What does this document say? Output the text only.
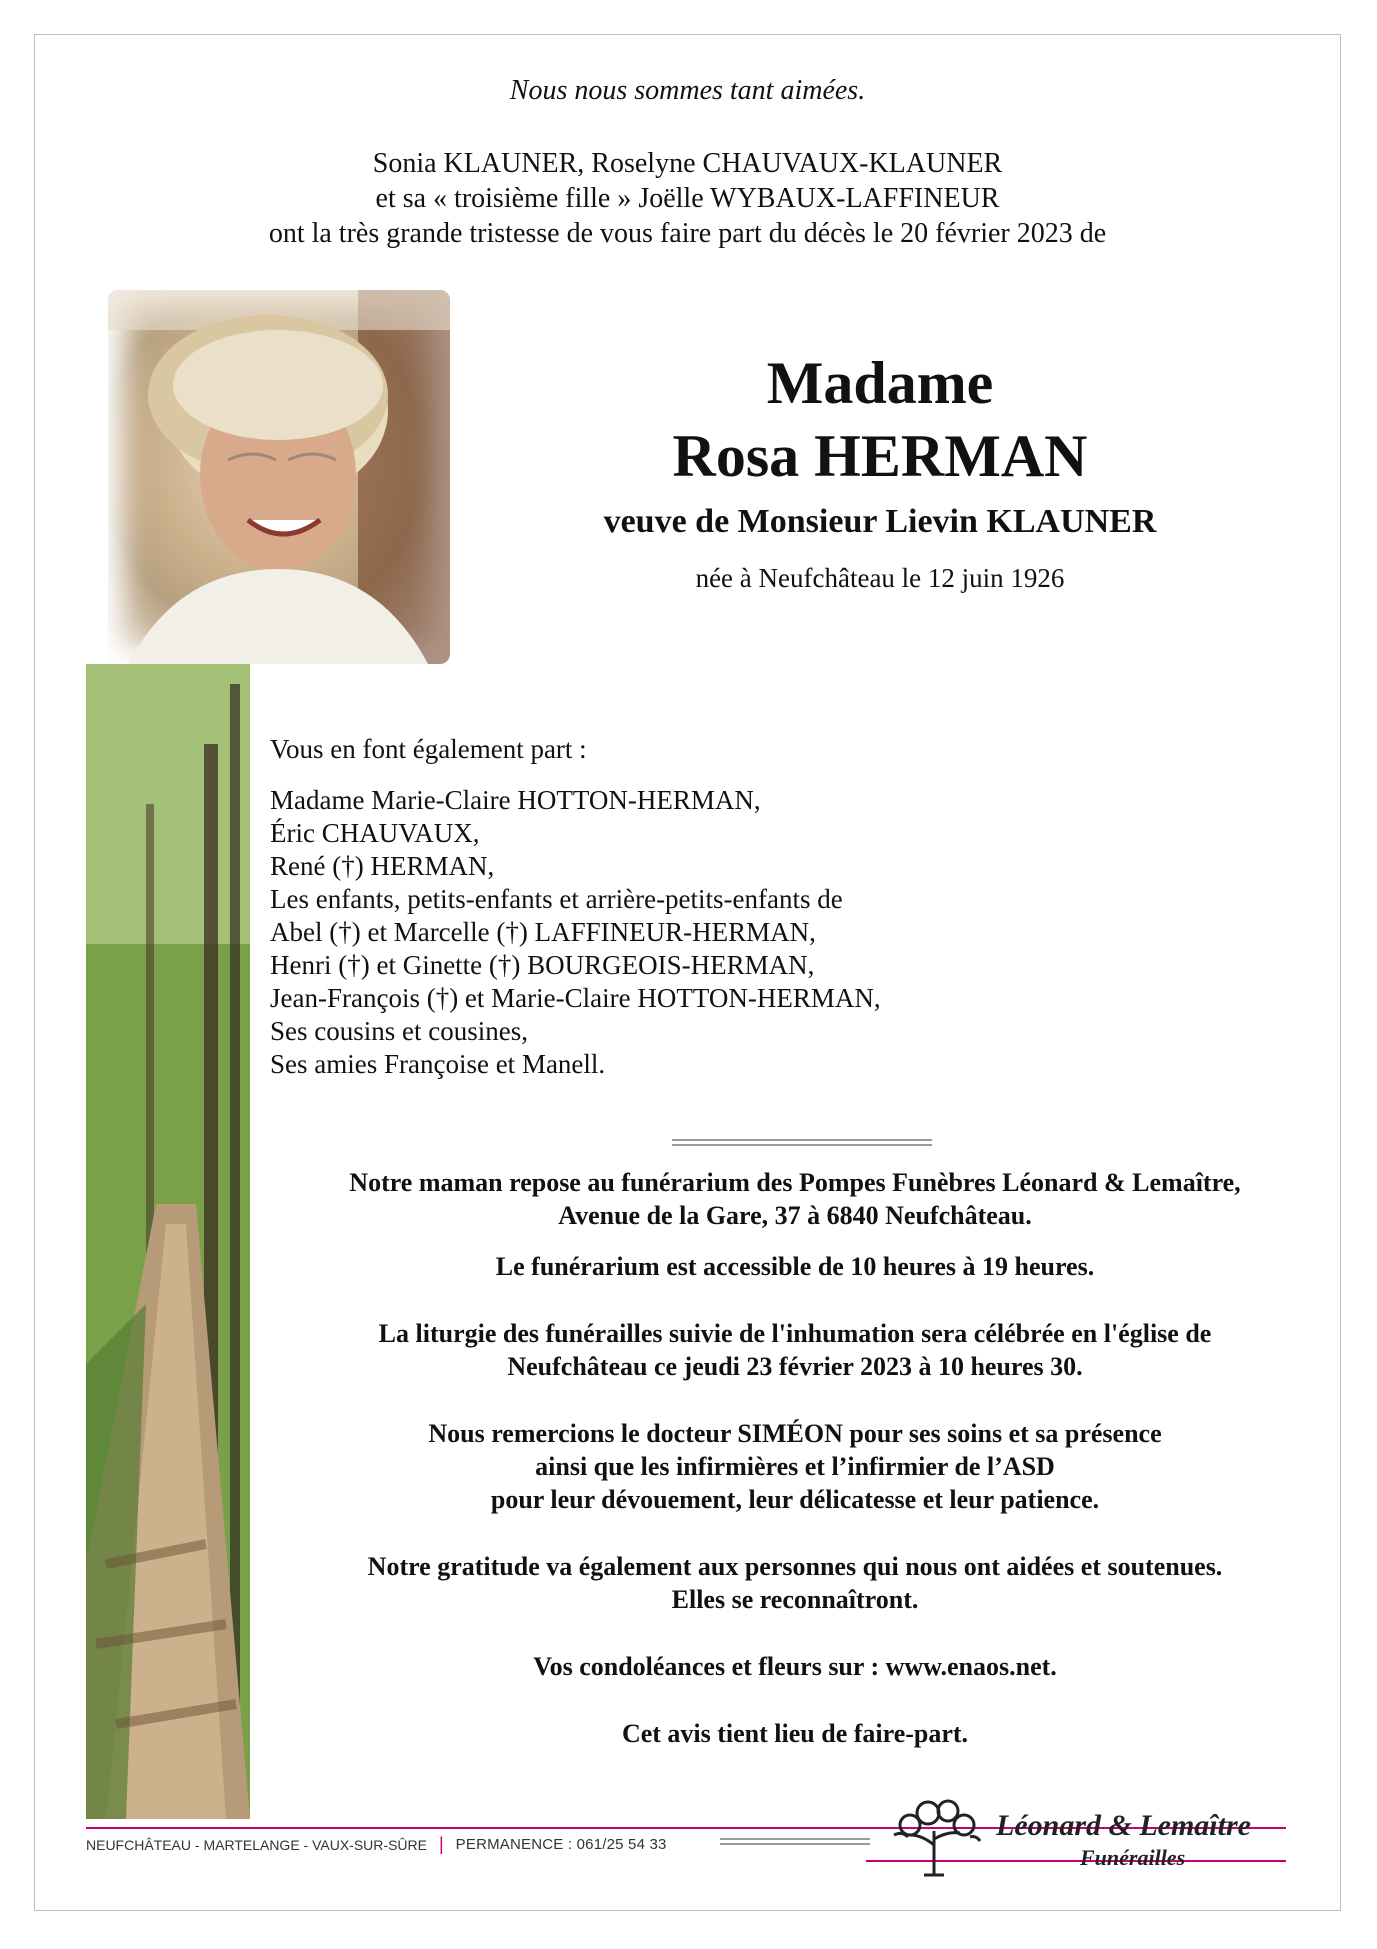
Nous nous sommes tant aimées.

Sonia KLAUNER, Roselyne CHAUVAUX-KLAUNER
et sa « troisième fille » Joëlle WYBAUX-LAFFINEUR
ont la très grande tristesse de vous faire part du décès le 20 février 2023 de

Madame

Rosa HERMAN

veuve de Monsieur Lievin KLAUNER
née à Neufchâteau le 12 juin 1926
Vous en font également part :
Madame Marie-Claire HOTTON-HERMAN,
Éric CHAUVAUX,
René (†) HERMAN,
Les enfants, petits-enfants et arrière-petits-enfants de
Abel (†) et Marcelle (†) LAFFINEUR-HERMAN,
Henri (†) et Ginette (†) BOURGEOIS-HERMAN,
Jean-François (†) et Marie-Claire HOTTON-HERMAN,
Ses cousins et cousines,
Ses amies Françoise et Manell.

Notre maman repose au funérarium des Pompes Funèbres Léonard & Lemaître,

Avenue de la Gare, 37 à 6840 Neufchâteau.

Le funérarium est accessible de 10 heures à 19 heures.

La liturgie des funérailles suivie de l'inhumation sera célébrée en l'église de

Neufchâteau ce jeudi 23 février 2023 à 10 heures 30.

Nous remercions le docteur SIMÉON pour ses soins et sa présence

ainsi que les infirmières et l’infirmier de l’ASD

pour leur dévouement, leur délicatesse et leur patience.

Notre gratitude va également aux personnes qui nous ont aidées et soutenues.

Elles se reconnaîtront.

Vos condoléances et fleurs sur : www.enaos.net.

Cet avis tient lieu de faire-part.

NEUFCHÂTEAU - MARTELANGE - VAUX-SUR-SÛRE | PERMANENCE : 061/25 54 33
Léonard & Lemaître
Funérailles
